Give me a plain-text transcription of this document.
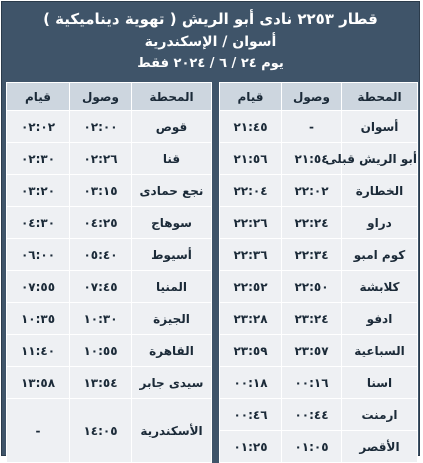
قطار ٢٢٥٣ نادى أبو الريش ( تهوية ديناميكية )
أسوان / الإسكندرية
يوم ٢٤ / ٦ / ٢٠٢٤ فقط
المحطة	وصول	قيام		المحطة	وصول	قيام
أسوان	-	٢١:٤٥		قوص	٠٢:٠٠	٠٢:٠٢
أبو الريش قبلى	٢١:٥٤	٢١:٥٦		قنا	٠٢:٢٦	٠٢:٣٠
الخطارة	٢٢:٠٢	٢٢:٠٤		نجع حمادى	٠٣:١٥	٠٣:٢٠
دراو	٢٢:٢٤	٢٢:٢٦		سوهاج	٠٤:٢٥	٠٤:٣٠
كوم امبو	٢٢:٣٤	٢٢:٣٦		أسيوط	٠٥:٤٠	٠٦:٠٠
كلابشة	٢٢:٥٠	٢٢:٥٢		المنيا	٠٧:٤٥	٠٧:٥٥
ادفو	٢٣:٢٤	٢٣:٢٨		الجيزة	١٠:٣٠	١٠:٣٥
السباعية	٢٣:٥٧	٢٣:٥٩		القاهرة	١٠:٥٥	١١:٤٠
اسنا	٠٠:١٦	٠٠:١٨		سيدى جابر	١٣:٥٤	١٣:٥٨
ارمنت	٠٠:٤٤	٠٠:٤٦		الأسكندرية	١٤:٠٥	-
الأقصر	٠١:٠٥	٠١:٢٥				
